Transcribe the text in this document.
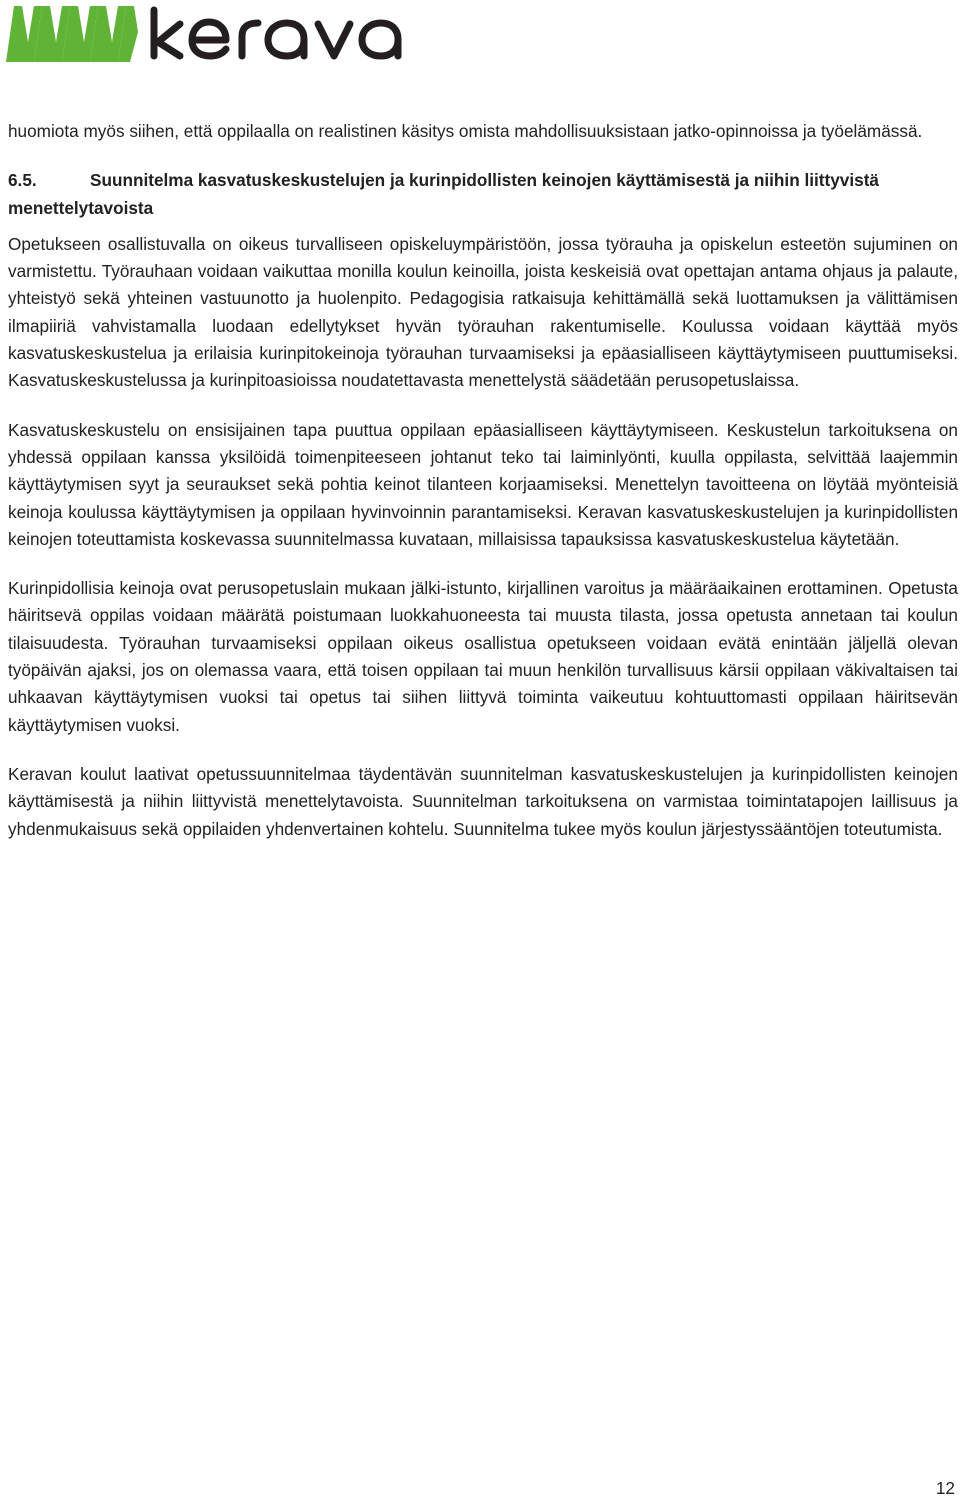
huomiota myös siihen, että oppilaalla on realistinen käsitys omista mahdollisuuksistaan jatko-opinnoissa ja työelämässä.

6.5.	Suunnitelma kasvatuskeskustelujen ja kurinpidollisten keinojen käyttämisestä ja niihin liittyvistä menettelytavoista

Opetukseen osallistuvalla on oikeus turvalliseen opiskeluympäristöön, jossa työrauha ja opiskelun esteetön sujuminen on varmistettu. Työrauhaan voidaan vaikuttaa monilla koulun keinoilla, joista keskeisiä ovat opettajan antama ohjaus ja palaute, yhteistyö sekä yhteinen vastuunotto ja huolenpito. Pedagogisia ratkaisuja kehittämällä sekä luottamuksen ja välittämisen ilmapiiriä vahvistamalla luodaan edellytykset hyvän työrauhan rakentumiselle. Koulussa voidaan käyttää myös kasvatuskeskustelua ja erilaisia kurinpitokeinoja työrauhan turvaamiseksi ja epäasialliseen käyttäytymiseen puuttumiseksi. Kasvatuskeskustelussa ja kurinpitoasioissa noudatettavasta menettelystä säädetään perusopetuslaissa.

Kasvatuskeskustelu on ensisijainen tapa puuttua oppilaan epäasialliseen käyttäytymiseen. Keskustelun tarkoituksena on yhdessä oppilaan kanssa yksilöidä toimenpiteeseen johtanut teko tai laiminlyönti, kuulla oppilasta, selvittää laajemmin käyttäytymisen syyt ja seuraukset sekä pohtia keinot tilanteen korjaamiseksi. Menettelyn tavoitteena on löytää myönteisiä keinoja koulussa käyttäytymisen ja oppilaan hyvinvoinnin parantamiseksi. Keravan kasvatuskeskustelujen ja kurinpidollisten keinojen toteuttamista koskevassa suunnitelmassa kuvataan, millaisissa tapauksissa kasvatuskeskustelua käytetään.

Kurinpidollisia keinoja ovat perusopetuslain mukaan jälki-istunto, kirjallinen varoitus ja määräaikainen erottaminen. Opetusta häiritsevä oppilas voidaan määrätä poistumaan luokkahuoneesta tai muusta tilasta, jossa opetusta annetaan tai koulun tilaisuudesta. Työrauhan turvaamiseksi oppilaan oikeus osallistua opetukseen voidaan evätä enintään jäljellä olevan työpäivän ajaksi, jos on olemassa vaara, että toisen oppilaan tai muun henkilön turvallisuus kärsii oppilaan väkivaltaisen tai uhkaavan käyttäytymisen vuoksi tai opetus tai siihen liittyvä toiminta vaikeutuu kohtuuttomasti oppilaan häiritsevän käyttäytymisen vuoksi.

Keravan koulut laativat opetussuunnitelmaa täydentävän suunnitelman kasvatuskeskustelujen ja kurinpidollisten keinojen käyttämisestä ja niihin liittyvistä menettelytavoista. Suunnitelman tarkoituksena on varmistaa toimintatapojen laillisuus ja yhdenmukaisuus sekä oppilaiden yhdenvertainen kohtelu. Suunnitelma tukee myös koulun järjestyssääntöjen toteutumista.

12
